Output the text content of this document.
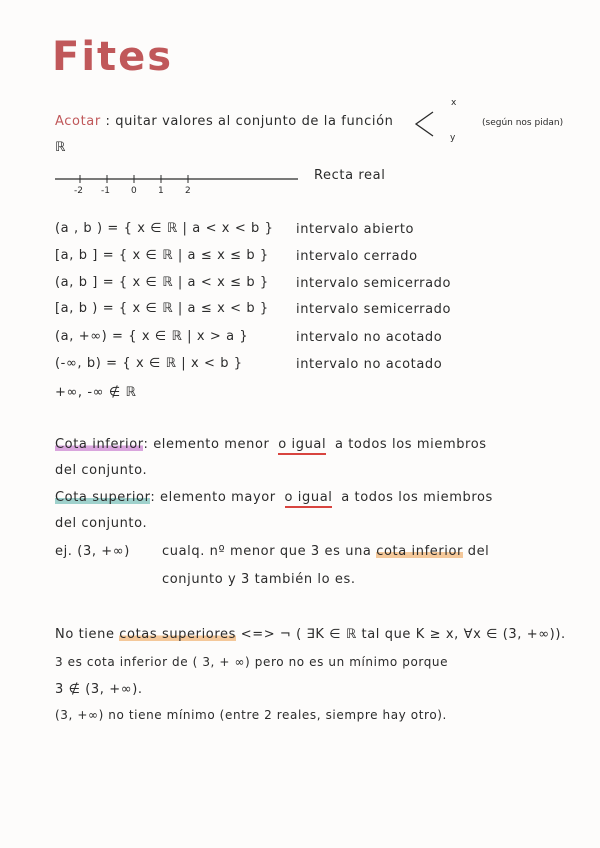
Fites
Acotar : quitar valores al conjunto de la función
x
y
(según nos pidan)
ℝ
Recta real
-2 -1 0 1 2
(a , b ) = { x ∈ ℝ | a < x < b } intervalo abierto
[a, b ] = { x ∈ ℝ | a ≤ x ≤ b } intervalo cerrado
(a, b ] = { x ∈ ℝ | a < x ≤ b } intervalo semicerrado
[a, b ) = { x ∈ ℝ | a ≤ x < b } intervalo semicerrado
(a, +∞) = { x ∈ ℝ | x > a }	intervalo no acotado
(-∞, b) = { x ∈ ℝ | x < b }	intervalo no acotado
+∞, -∞ ∉ ℝ
Cota inferior: elemento menor o igual a todos los miembros
del conjunto.
Cota superior: elemento mayor o igual a todos los miembros
del conjunto.
ej. (3, +∞) cualq. nº menor que 3 es una cota inferior del
conjunto y 3 también lo es.
No tiene cotas superiores <=> ¬ ( ∃K ∈ ℝ tal que K ≥ x, ∀x ∈ (3, +∞)).
3 es cota inferior de ( 3, + ∞) pero no es un mínimo porque
3 ∉ (3, +∞).
(3, +∞) no tiene mínimo (entre 2 reales, siempre hay otro).
